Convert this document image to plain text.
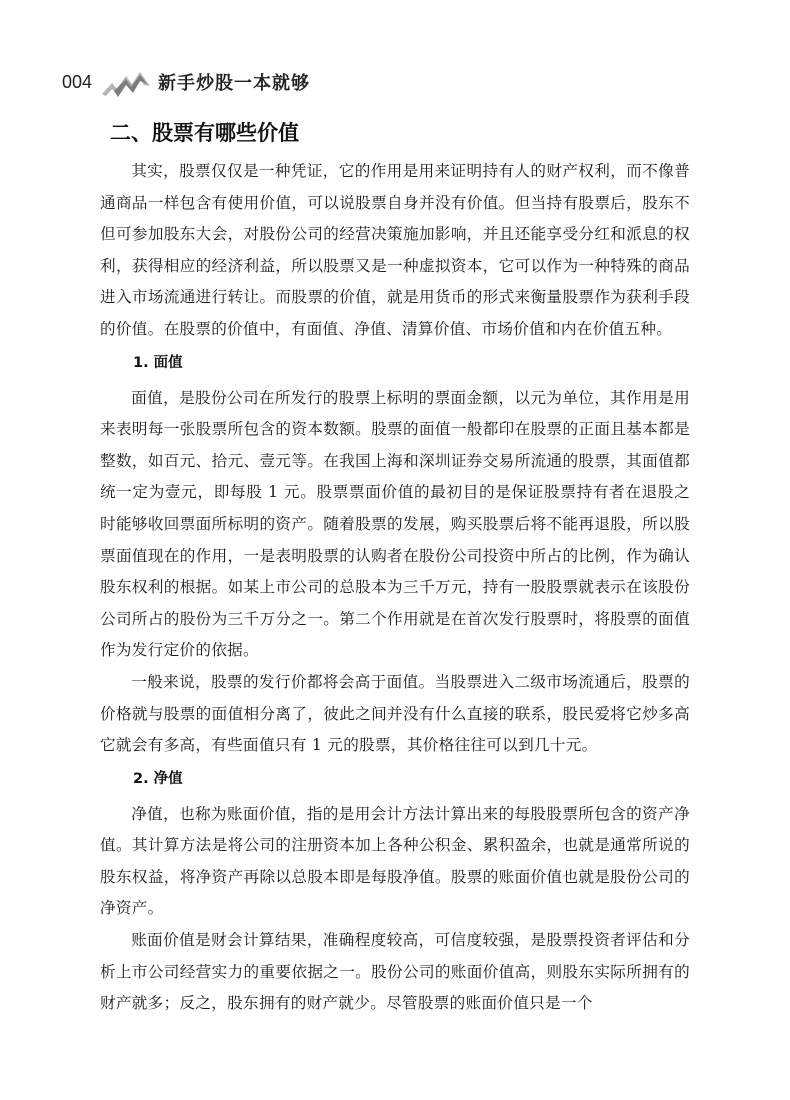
004	新手炒股一本就够
二、股票有哪些价值

其实，股票仅仅是一种凭证，它的作用是用来证明持有人的财产权利，而不像普通商品一样包含有使用价值，可以说股票自身并没有价值。但当持有股票后，股东不但可参加股东大会，对股份公司的经营决策施加影响，并且还能享受分红和派息的权利，获得相应的经济利益，所以股票又是一种虚拟资本，它可以作为一种特殊的商品进入市场流通进行转让。而股票的价值，就是用货币的形式来衡量股票作为获利手段的价值。在股票的价值中，有面值、净值、清算价值、市场价值和内在价值五种。

1. 面值

面值，是股份公司在所发行的股票上标明的票面金额，以元为单位，其作用是用来表明每一张股票所包含的资本数额。股票的面值一般都印在股票的正面且基本都是整数，如百元、拾元、壹元等。在我国上海和深圳证券交易所流通的股票，其面值都统一定为壹元，即每股 1 元。股票票面价值的最初目的是保证股票持有者在退股之时能够收回票面所标明的资产。随着股票的发展，购买股票后将不能再退股，所以股票面值现在的作用，一是表明股票的认购者在股份公司投资中所占的比例，作为确认股东权利的根据。如某上市公司的总股本为三千万元，持有一股股票就表示在该股份公司所占的股份为三千万分之一。第二个作用就是在首次发行股票时，将股票的面值作为发行定价的依据。

一般来说，股票的发行价都将会高于面值。当股票进入二级市场流通后，股票的价格就与股票的面值相分离了，彼此之间并没有什么直接的联系，股民爱将它炒多高它就会有多高，有些面值只有 1 元的股票，其价格往往可以到几十元。

2. 净值

净值，也称为账面价值，指的是用会计方法计算出来的每股股票所包含的资产净值。其计算方法是将公司的注册资本加上各种公积金、累积盈余，也就是通常所说的股东权益，将净资产再除以总股本即是每股净值。股票的账面价值也就是股份公司的净资产。

账面价值是财会计算结果，准确程度较高，可信度较强，是股票投资者评估和分析上市公司经营实力的重要依据之一。股份公司的账面价值高，则股东实际所拥有的财产就多；反之，股东拥有的财产就少。尽管股票的账面价值只是一个
